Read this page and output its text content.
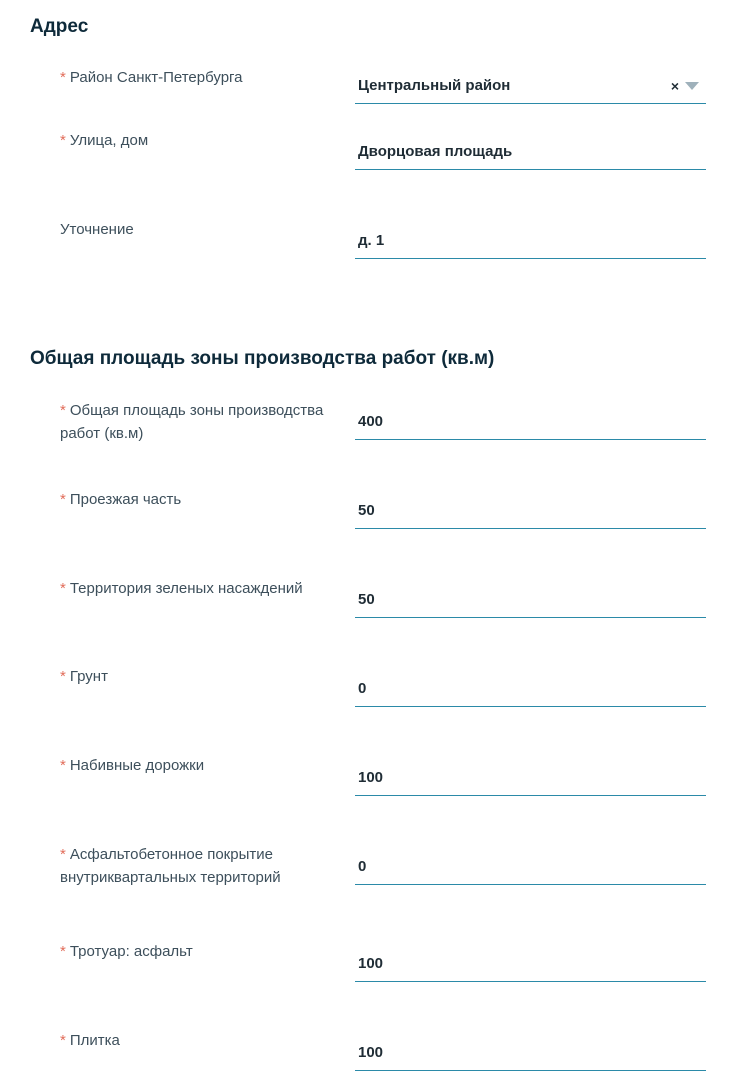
Адрес
* Район Санкт-Петербурга	Центральный район	×
* Улица, дом
Дворцовая площадь
Уточнение
д. 1
Общая площадь зоны производства работ (кв.м)
* Общая площадь зоны производства работ (кв.м)
400
* Проезжая часть
50
* Территория зеленых насаждений
50
* Грунт
0
* Набивные дорожки
100
* Асфальтобетонное покрытие внутриквартальных территорий
0
* Тротуар: асфальт
100
* Плитка
100
